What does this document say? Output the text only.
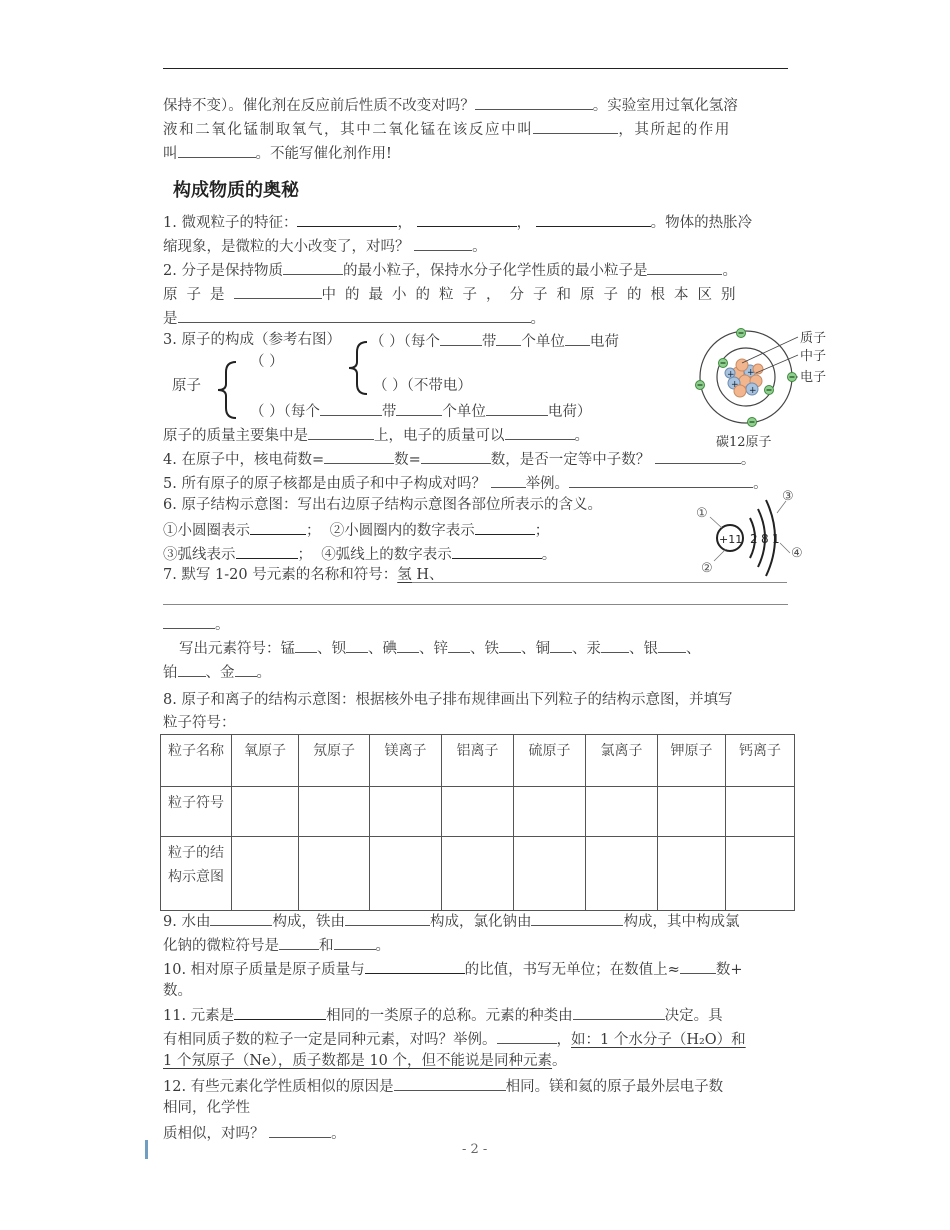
保持不变）。催化剂在反应前后性质不改变对吗？	。实验室用过氧化氢溶
液和二氧化锰制取氧气，其中二氧化锰在该反应中叫	，其所起的作用
叫	。不能写催化剂作用!
构成物质的奥秘
1. 微观粒子的特征：	，	，	。物体的热胀冷
缩现象，是微粒的大小改变了，对吗？	。
2. 分子是保持物质	的最小粒子，保持水分子化学性质的最小粒子是	。
原子是	中的最小的粒子，分子和原子的根本区别
是	。
3. 原子的构成（参考右图） （ ）（每个	带 个单位 电荷
（ ）
原子	（ ）（不带电）
（ ）（每个	带	个单位	电荷）
原子的质量主要集中是	上，电子的质量可以	。
+
+
+
+
质子
中子
电子
碳12原子
4. 在原子中，核电荷数=	数=	数，是否一定等中子数？	。
5. 所有原子的原子核都是由质子和中子构成对吗？	举例。	。
6. 原子结构示意图：写出右边原子结构示意图各部位所表示的含义。
①小圆圈表示	； ②小圆圈内的数字表示	；
③弧线表示	； ④弧线上的数字表示	。
+11 2 8 1
①
②
③
④
7. 默写 1-20 号元素的名称和符号：氢 H、
。
写出元素符号：锰 、钡 、碘 、锌 、铁 、铜 、汞 、银 、
铂 、金 。
8. 原子和离子的结构示意图：根据核外电子排布规律画出下列粒子的结构示意图，并填写
粒子符号：
粒子名称	氧原子	氖原子	镁离子	铝离子	硫原子	氯离子	钾原子	钙离子
粒子符号								
粒子的结构示意图								
9. 水由	构成，铁由	构成，氯化钠由	构成，其中构成氯
化钠的微粒符号是	和	。
10. 相对原子质量是原子质量与	的比值，书写无单位；在数值上≈ 数+
数。
11. 元素是	相同的一类原子的总称。元素的种类由	决定。具
有相同质子数的粒子一定是同种元素，对吗？举例。	，如：1 个水分子（H₂O）和
1 个氖原子（Ne），质子数都是 10 个，但不能说是同种元素。
12. 有些元素化学性质相似的原因是	相同。镁和氦的原子最外层电子数
相同，化学性
质相似，对吗？	。
- 2 -
